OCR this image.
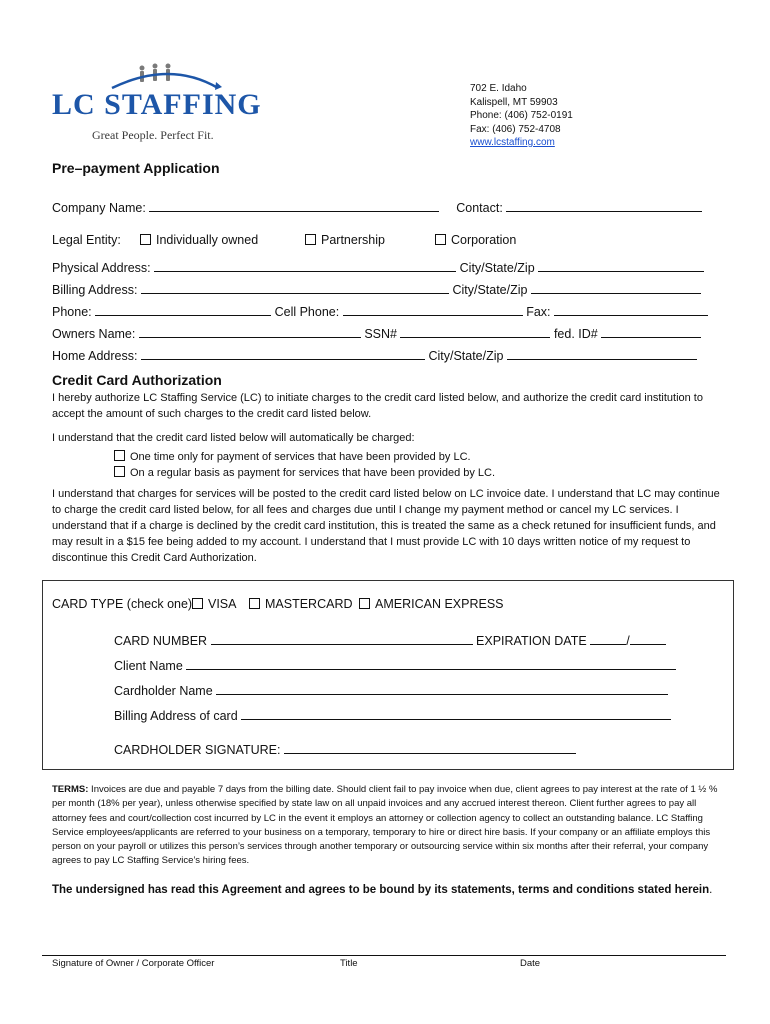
LC STAFFING
Great People. Perfect Fit.
702 E. Idaho
Kalispell, MT 59903
Phone: (406) 752-0191
Fax: (406) 752-4708
www.lcstaffing.com
Pre–payment Application
Company Name:	Contact:
Legal Entity:	Individually owned	Partnership	Corporation
Physical Address:	City/State/Zip
Billing Address:	City/State/Zip
Phone:	Cell Phone:	Fax:
Owners Name:	SSN#	fed. ID#
Home Address:	City/State/Zip
Credit Card Authorization
I hereby authorize LC Staffing Service (LC) to initiate charges to the credit card listed below, and authorize the credit card institution to accept the amount of such charges to the credit card listed below.
I understand that the credit card listed below will automatically be charged:
One time only for payment of services that have been provided by LC.
On a regular basis as payment for services that have been provided by LC.
I understand that charges for services will be posted to the credit card listed below on LC invoice date. I understand that LC may continue to charge the credit card listed below, for all fees and charges due until I change my payment method or cancel my LC services. I understand that if a charge is declined by the credit card institution, this is treated the same as a check retuned for insufficient funds, and may result in a $15 fee being added to my account. I understand that I must provide LC with 10 days written notice of my request to discontinue this Credit Card Authorization.
CARD TYPE (check one)	VISA	MASTERCARD	AMERICAN EXPRESS
CARD NUMBER	EXPIRATION DATE	/
Client Name
Cardholder Name
Billing Address of card
CARDHOLDER SIGNATURE:
TERMS: Invoices are due and payable 7 days from the billing date. Should client fail to pay invoice when due, client agrees to pay interest at the rate of 1 ½ % per month (18% per year), unless otherwise specified by state law on all unpaid invoices and any accrued interest thereon. Client further agrees to pay all attorney fees and court/collection cost incurred by LC in the event it employs an attorney or collection agency to collect an outstanding balance. LC Staffing Service employees/applicants are referred to your business on a temporary, temporary to hire or direct hire basis. If your company or an affiliate employs this person on your payroll or utilizes this person’s services through another temporary or outsourcing service within six months after their referral, your company agrees to pay LC Staffing Service’s hiring fees.
The undersigned has read this Agreement and agrees to be bound by its statements, terms and conditions stated herein.
Signature of Owner / Corporate Officer	Title	Date
